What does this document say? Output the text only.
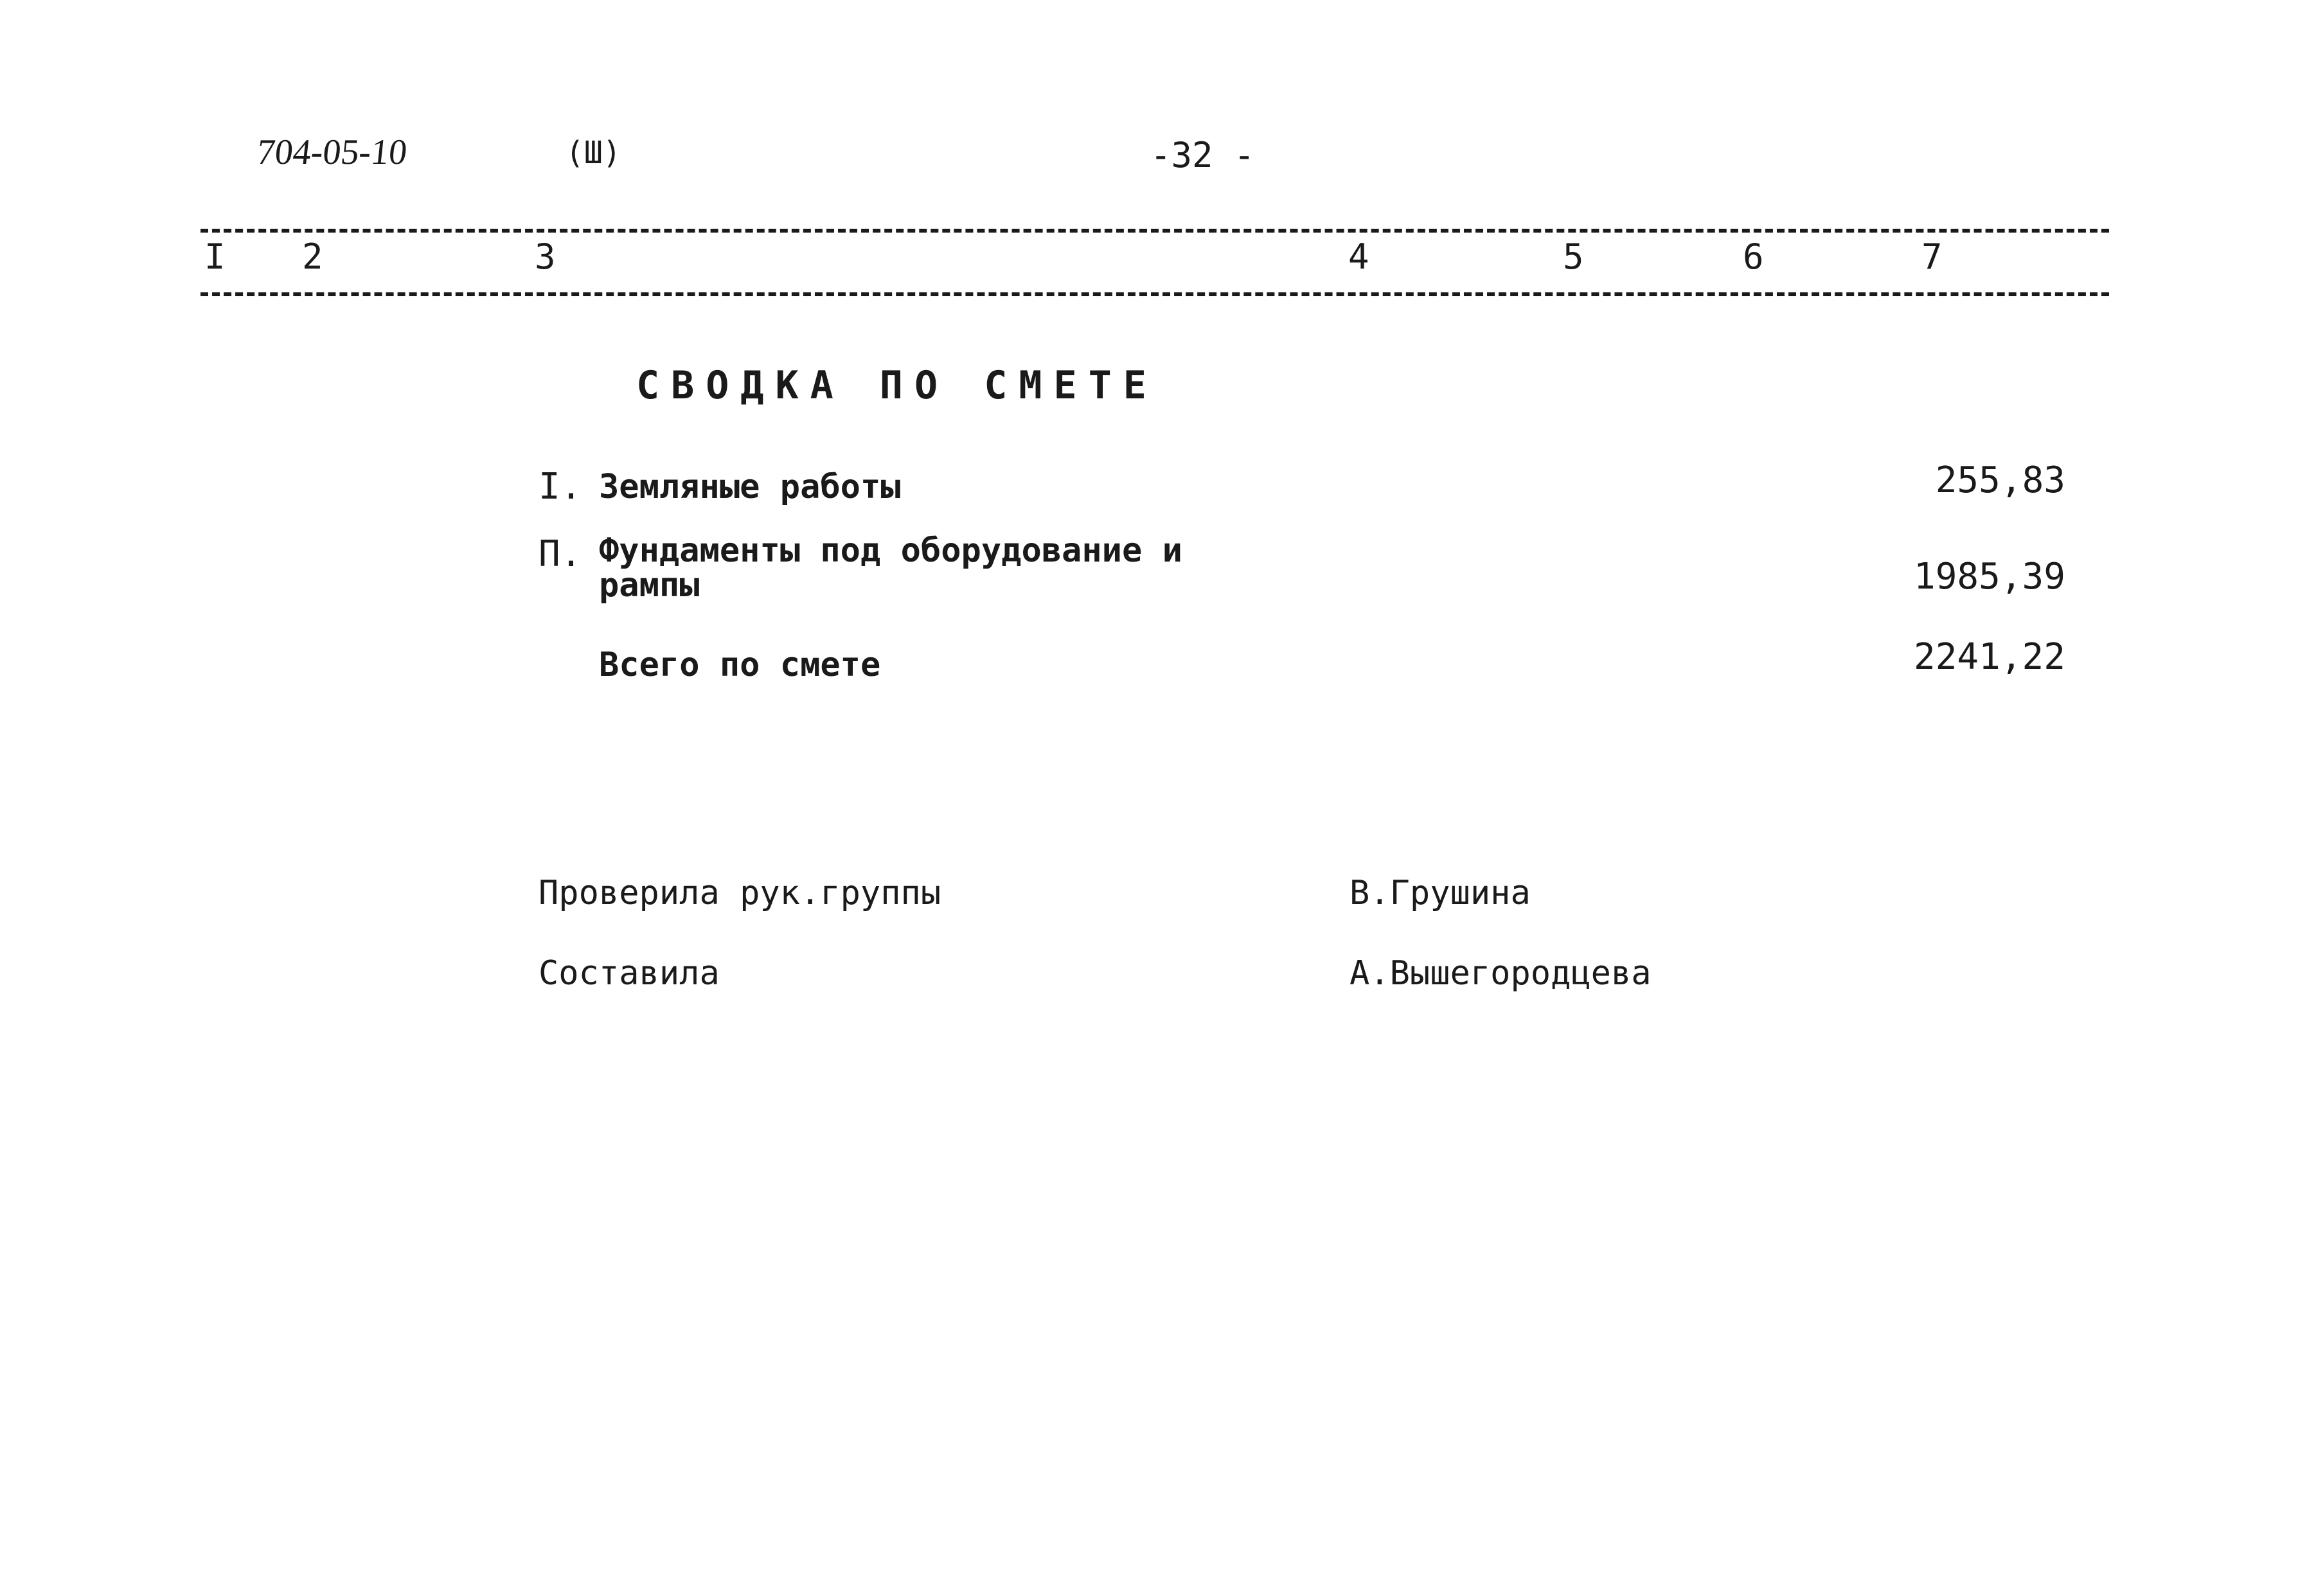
704-05-10	(Ш)	-32 -
I 2	3	4	5	6	7
СВОДКА ПО СМЕТЕ
I. Земляные работы	255,83
П. Фундаменты под оборудование и рампы	1985,39
Всего по смете	2241,22
Проверила рук.группы	В.Грушина
Составила	А.Вышегородцева
